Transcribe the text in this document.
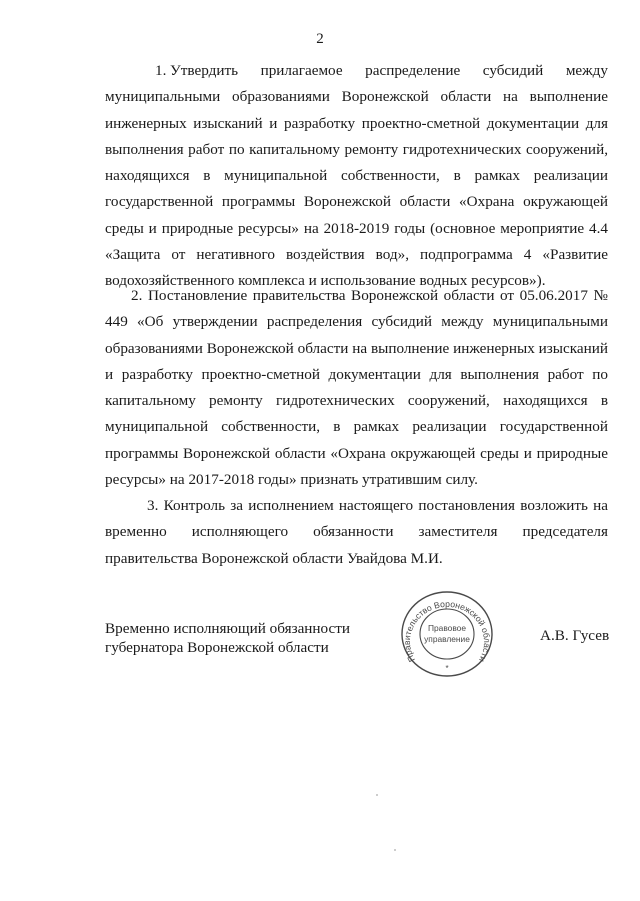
2
1. Утвердить прилагаемое распределение субсидий между муниципальными образованиями Воронежской области на выполнение инженерных изысканий и разработку проектно-сметной документации для выполнения работ по капитальному ремонту гидротехнических сооружений, находящихся в муниципальной собственности, в рамках реализации государственной программы Воронежской области «Охрана окружающей среды и природные ресурсы» на 2018-2019 годы (основное мероприятие 4.4 «Защита от негативного воздействия вод», подпрограмма 4 «Развитие водохозяйственного комплекса и использование водных ресурсов»).
2. Постановление правительства Воронежской области от 05.06.2017 № 449 «Об утверждении распределения субсидий между муниципальными образованиями Воронежской области на выполнение инженерных изысканий и разработку проектно-сметной документации для выполнения работ по капитальному ремонту гидротехнических сооружений, находящихся в муниципальной собственности, в рамках реализации государственной программы Воронежской области «Охрана окружающей среды и природные ресурсы» на 2017-2018 годы» признать утратившим силу.
3. Контроль за исполнением настоящего постановления возложить на временно исполняющего обязанности заместителя председателя правительства Воронежской области Увайдова М.И.
Временно исполняющий обязанности
губернатора Воронежской области
Правительство Воронежской области
Правовое
управление
*
А.В. Гусев
